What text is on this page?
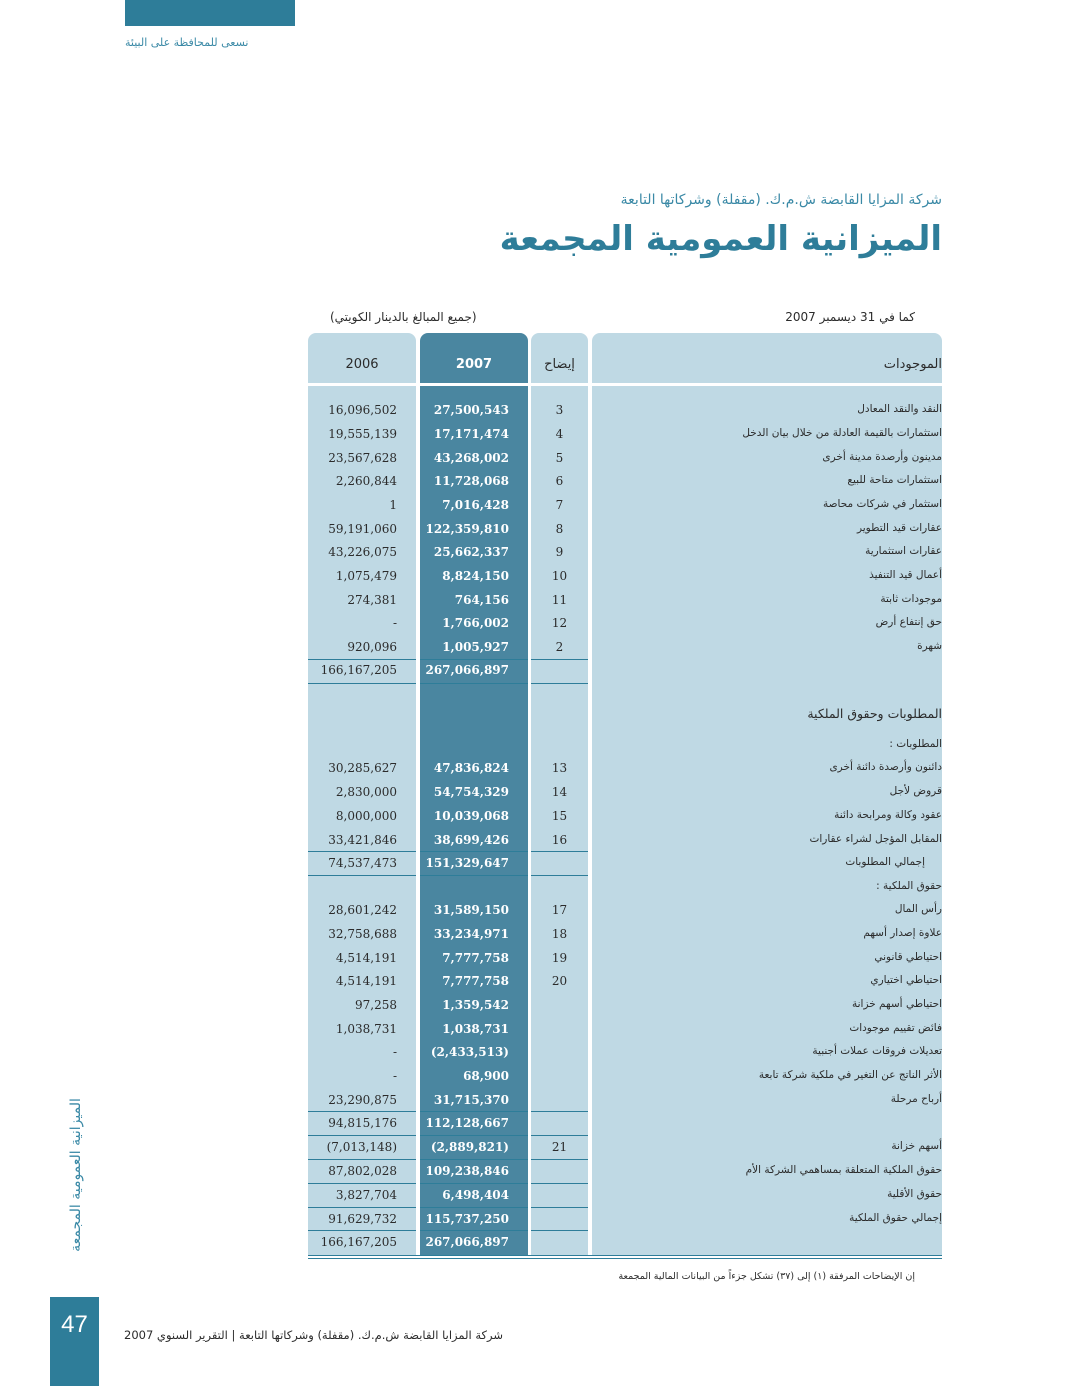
نسعى للمحافظة على البيئة
شركة المزايا القابضة ش.م.ك. (مقفلة) وشركاتها التابعة
الميزانية العمومية المجمعة
كما في 31 ديسمبر 2007
(جميع المبالغ بالدينار الكويتي)
2006	2007	إيضاح	الموجودات
16,096,502	27,500,543	3	النقد والنقد المعادل
19,555,139	17,171,474	4	استثمارات بالقيمة العادلة من خلال بيان الدخل
23,567,628	43,268,002	5	مدينون وأرصدة مدينة أخرى
2,260,844	11,728,068	6	استثمارات متاحة للبيع
1	7,016,428	7	استثمار في شركات محاصة
59,191,060	122,359,810	8	عقارات قيد التطوير
43,226,075	25,662,337	9	عقارات استثمارية
1,075,479	8,824,150	10	أعمال قيد التنفيذ
274,381	764,156	11	موجودات ثابتة
-	1,766,002	12	حق إنتفاع أرض
920,096	1,005,927	2	شهرة
166,167,205	267,066,897
المطلوبات وحقوق الملكية
المطلوبات :
30,285,627	47,836,824	13	دائنون وأرصدة دائنة أخرى
2,830,000	54,754,329	14	قروض لأجل
8,000,000	10,039,068	15	عقود وكالة ومرابحة دائنة
33,421,846	38,699,426	16	المقابل المؤجل لشراء عقارات
74,537,473	151,329,647	إجمالي المطلوبات
حقوق الملكية :
28,601,242	31,589,150	17	رأس المال
32,758,688	33,234,971	18	علاوة إصدار أسهم
4,514,191	7,777,758	19	احتياطي قانوني
4,514,191	7,777,758	20	احتياطي اختياري
97,258	1,359,542	احتياطي أسهم خزانة
1,038,731	1,038,731	فائض تقييم موجودات
-	(2,433,513)	تعديلات فروقات عملات أجنبية
-	68,900	الأثر الناتج عن التغير في ملكية شركة تابعة
23,290,875	31,715,370	أرباح مرحلة
94,815,176	112,128,667
(7,013,148)	(2,889,821)	21	أسهم خزانة
87,802,028	109,238,846	حقوق الملكية المتعلقة بمساهمي الشركة الأم
3,827,704	6,498,404	حقوق الأقلية
91,629,732	115,737,250	إجمالي حقوق الملكية
166,167,205	267,066,897
إن الإيضاحات المرفقة (١) إلى (٣٧) تشكل جزءاً من البيانات المالية المجمعة
الميزانية العمومية المجمعة
47	شركة المزايا القابضة ش.م.ك. (مقفلة) وشركاتها التابعة | التقرير السنوي 2007
